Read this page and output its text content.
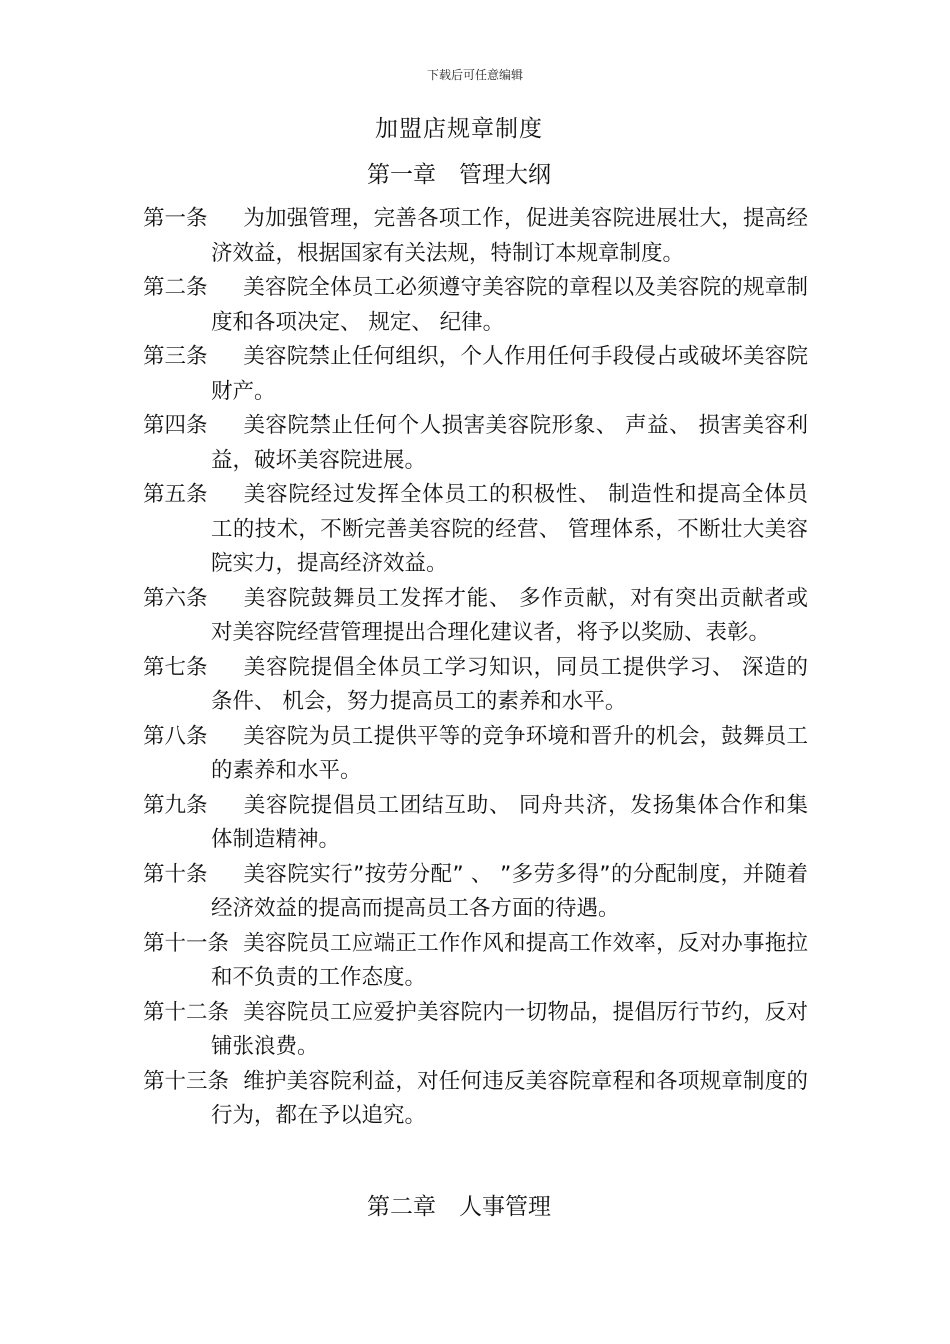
下载后可任意编辑
加盟店规章制度
第一章　管理大纲
第一条	为加强管理，完善各项工作，促进美容院进展壮大，提高经济效益，根据国家有关法规，特制订本规章制度。
第二条	美容院全体员工必须遵守美容院的章程以及美容院的规章制度和各项决定、 规定、 纪律。
第三条	美容院禁止任何组织，个人作用任何手段侵占或破坏美容院财产。
第四条	美容院禁止任何个人损害美容院形象、 声益、 损害美容利益，破坏美容院进展。
第五条	美容院经过发挥全体员工的积极性、 制造性和提高全体员工的技术，不断完善美容院的经营、 管理体系，不断壮大美容院实力，提高经济效益。
第六条	美容院鼓舞员工发挥才能、 多作贡献，对有突出贡献者或对美容院经营管理提出合理化建议者，将予以奖励、表彰。
第七条	美容院提倡全体员工学习知识，同员工提供学习、 深造的条件、 机会，努力提高员工的素养和水平。
第八条	美容院为员工提供平等的竞争环境和晋升的机会，鼓舞员工的素养和水平。
第九条	美容院提倡员工团结互助、 同舟共济，发扬集体合作和集体制造精神。
第十条	美容院实行”按劳分配” 、 ”多劳多得”的分配制度，并随着经济效益的提高而提高员工各方面的待遇。
第十一条 美容院员工应端正工作作风和提高工作效率，反对办事拖拉和不负责的工作态度。
第十二条 美容院员工应爱护美容院内一切物品，提倡厉行节约，反对铺张浪费。
第十三条 维护美容院利益，对任何违反美容院章程和各项规章制度的行为，都在予以追究。
第二章　人事管理
